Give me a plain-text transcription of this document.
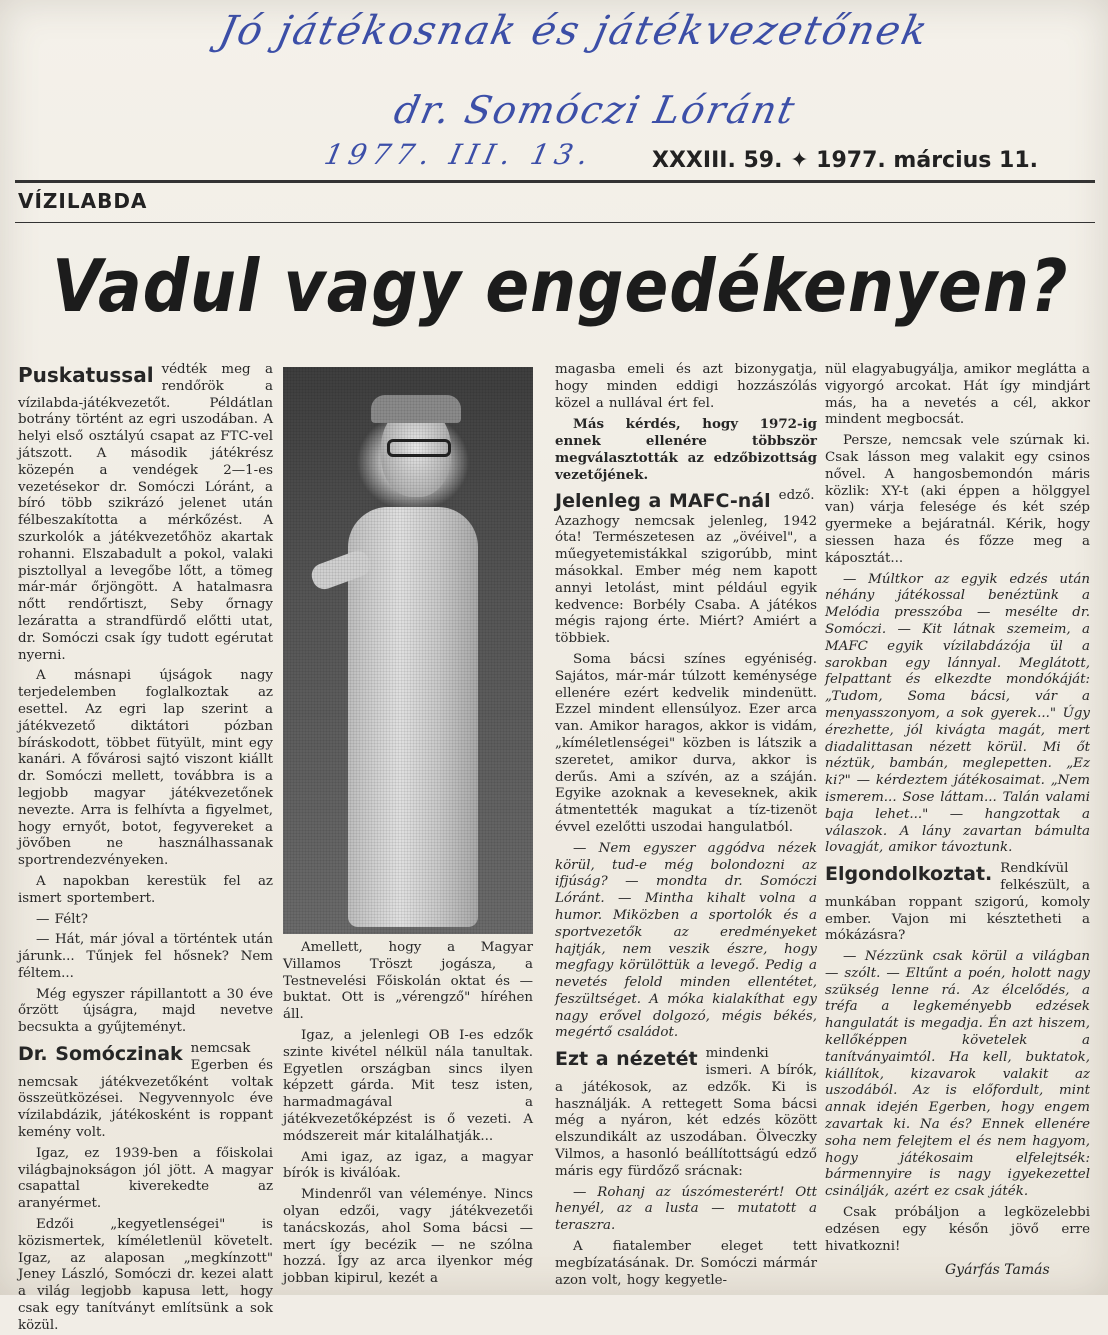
Jó játékosnak és játékvezetőnek
dr. Somóczi Lóránt
1977. III. 13. XXXIII. 59. ✦ 1977. március 11.
VÍZILABDA
Vadul vagy engedékenyen?

Puskatussal védték meg a rendőrök a vízilabda-játékvezetőt. Példátlan botrány történt az egri uszodában. A helyi első osztályú csapat az FTC-vel játszott. A második játékrész közepén a vendégek 2—1-es vezetésekor dr. Somóczi Lóránt, a bíró több szikrázó jelenet után félbeszakította a mérkőzést. A szurkolók a játékvezetőhöz akartak rohanni. Elszabadult a pokol, valaki pisztollyal a levegőbe lőtt, a tömeg már-már őrjöngött. A hatalmasra nőtt rendőrtiszt, Seby őrnagy lezáratta a strandfürdő előtti utat, dr. Somóczi csak így tudott egérutat nyerni.

A másnapi újságok nagy terjedelemben foglalkoztak az esettel. Az egri lap szerint a játékvezető diktátori pózban bíráskodott, többet fütyült, mint egy kanári. A fővárosi sajtó viszont kiállt dr. Somóczi mellett, továbbra is a legjobb magyar játékvezetőnek nevezte. Arra is felhívta a figyelmet, hogy ernyőt, botot, fegyvereket a jövőben ne használhassanak sportrendezvényeken.

A napokban kerestük fel az ismert sportembert.

— Félt?

— Hát, már jóval a történtek után járunk... Tűnjek fel hősnek? Nem féltem...

Még egyszer rápillantott a 30 éve őrzött újságra, majd nevetve becsukta a gyűjteményt.

Dr. Somóczinak nemcsak Egerben és nemcsak játékvezetőként voltak összeütközései. Negyvennyolc éve vízilabdázik, játékosként is roppant kemény volt.

Igaz, ez 1939-ben a főiskolai világbajnokságon jól jött. A magyar csapattal kiverekedte az aranyérmet.

Edzői „kegyetlenségei" is közismertek, kíméletlenül követelt. Igaz, az alaposan „megkínzott" Jeney László, Somóczi dr. kezei alatt a világ legjobb kapusa lett, hogy csak egy tanítványt említsünk a sok közül.

Amellett, hogy a Magyar Villamos Tröszt jogásza, a Testnevelési Főiskolán oktat és — buktat. Ott is „vérengző" híréhen áll.

Igaz, a jelenlegi OB I-es edzők szinte kivétel nélkül nála tanultak. Egyetlen országban sincs ilyen képzett gárda. Mit tesz isten, harmadmagával a játékvezetőképzést is ő vezeti. A módszereit már kitalálhatják...

Ami igaz, az igaz, a magyar bírók is kiválóak.

Mindenről van véleménye. Nincs olyan edzői, vagy játékvezetői tanácskozás, ahol Soma bácsi — mert így becézik — ne szólna hozzá. Így az arca ilyenkor még jobban kipirul, kezét a

magasba emeli és azt bizonygatja, hogy minden eddigi hozzászólás közel a nullával ért fel.

Más kérdés, hogy 1972-ig ennek ellenére többször megválasztották az edzőbizottság vezetőjének.

Jelenleg a MAFC-nál edző. Azazhogy nemcsak jelenleg, 1942 óta! Természetesen az „övéivel", a műegyetemistákkal szigorúbb, mint másokkal. Ember még nem kapott annyi letolást, mint például egyik kedvence: Borbély Csaba. A játékos mégis rajong érte. Miért? Amiért a többiek.

Soma bácsi színes egyéniség. Sajátos, már-már túlzott keménysége ellenére ezért kedvelik mindenütt. Ezzel mindent ellensúlyoz. Ezer arca van. Amikor haragos, akkor is vidám, „kíméletlenségei" közben is látszik a szeretet, amikor durva, akkor is derűs. Ami a szívén, az a száján. Egyike azoknak a keveseknek, akik átmentették magukat a tíz-tizenöt évvel ezelőtti uszodai hangulatból.

— Nem egyszer aggódva nézek körül, tud-e még bolondozni az ifjúság? — mondta dr. Somóczi Lóránt. — Mintha kihalt volna a humor. Miközben a sportolók és a sportvezetők az eredményeket hajtják, nem veszik észre, hogy megfagy körülöttük a levegő. Pedig a nevetés felold minden ellentétet, feszültséget. A móka kialakíthat egy nagy erővel dolgozó, mégis békés, megértő családot.

Ezt a nézetét mindenki ismeri. A bírók, a játékosok, az edzők. Ki is használják. A rettegett Soma bácsi még a nyáron, két edzés között elszundikált az uszodában. Ölveczky Vilmos, a hasonló beállítottságú edző máris egy fürdőző srácnak:

— Rohanj az úszómesterért! Ott henyél, az a lusta — mutatott a teraszra.

A fiatalember eleget tett megbízatásának. Dr. Somóczi mármár azon volt, hogy kegyetle-

nül elagyabugyálja, amikor meglátta a vigyorgó arcokat. Hát így mindjárt más, ha a nevetés a cél, akkor mindent megbocsát.

Persze, nemcsak vele szúrnak ki. Csak lásson meg valakit egy csinos nővel. A hangosbemondón máris közlik: XY-t (aki éppen a hölggyel van) várja felesége és két szép gyermeke a bejáratnál. Kérik, hogy siessen haza és főzze meg a káposztát...

— Múltkor az egyik edzés után néhány játékossal benéztünk a Melódia presszóba — mesélte dr. Somóczi. — Kit látnak szemeim, a MAFC egyik vízilabdázója ül a sarokban egy lánnyal. Meglátott, felpattant és elkezdte mondókáját: „Tudom, Soma bácsi, vár a menyasszonyom, a sok gyerek..." Úgy érezhette, jól kivágta magát, mert diadalittasan nézett körül. Mi őt néztük, bambán, meglepetten. „Ez ki?" — kérdeztem játékosaimat. „Nem ismerem... Sose láttam... Talán valami baja lehet..." — hangzottak a válaszok. A lány zavartan bámulta lovagját, amikor távoztunk.

Elgondolkoztat. Rendkívül felkészült, a munkában roppant szigorú, komoly ember. Vajon mi késztetheti a mókázásra?

— Nézzünk csak körül a világban — szólt. — Eltűnt a poén, holott nagy szükség lenne rá. Az élcelődés, a tréfa a legkeményebb edzések hangulatát is megadja. Én azt hiszem, kellőképpen követelek a tanítványaimtól. Ha kell, buktatok, kiállítok, kizavarok valakit az uszodából. Az is előfordult, mint annak idején Egerben, hogy engem zavartak ki. Na és? Ennek ellenére soha nem felejtem el és nem hagyom, hogy játékosaim elfelejtsék: bármennyire is nagy igyekezettel csinálják, azért ez csak játék.

Csak próbáljon a legközelebbi edzésen egy későn jövő erre hivatkozni!

Gyárfás Tamás
